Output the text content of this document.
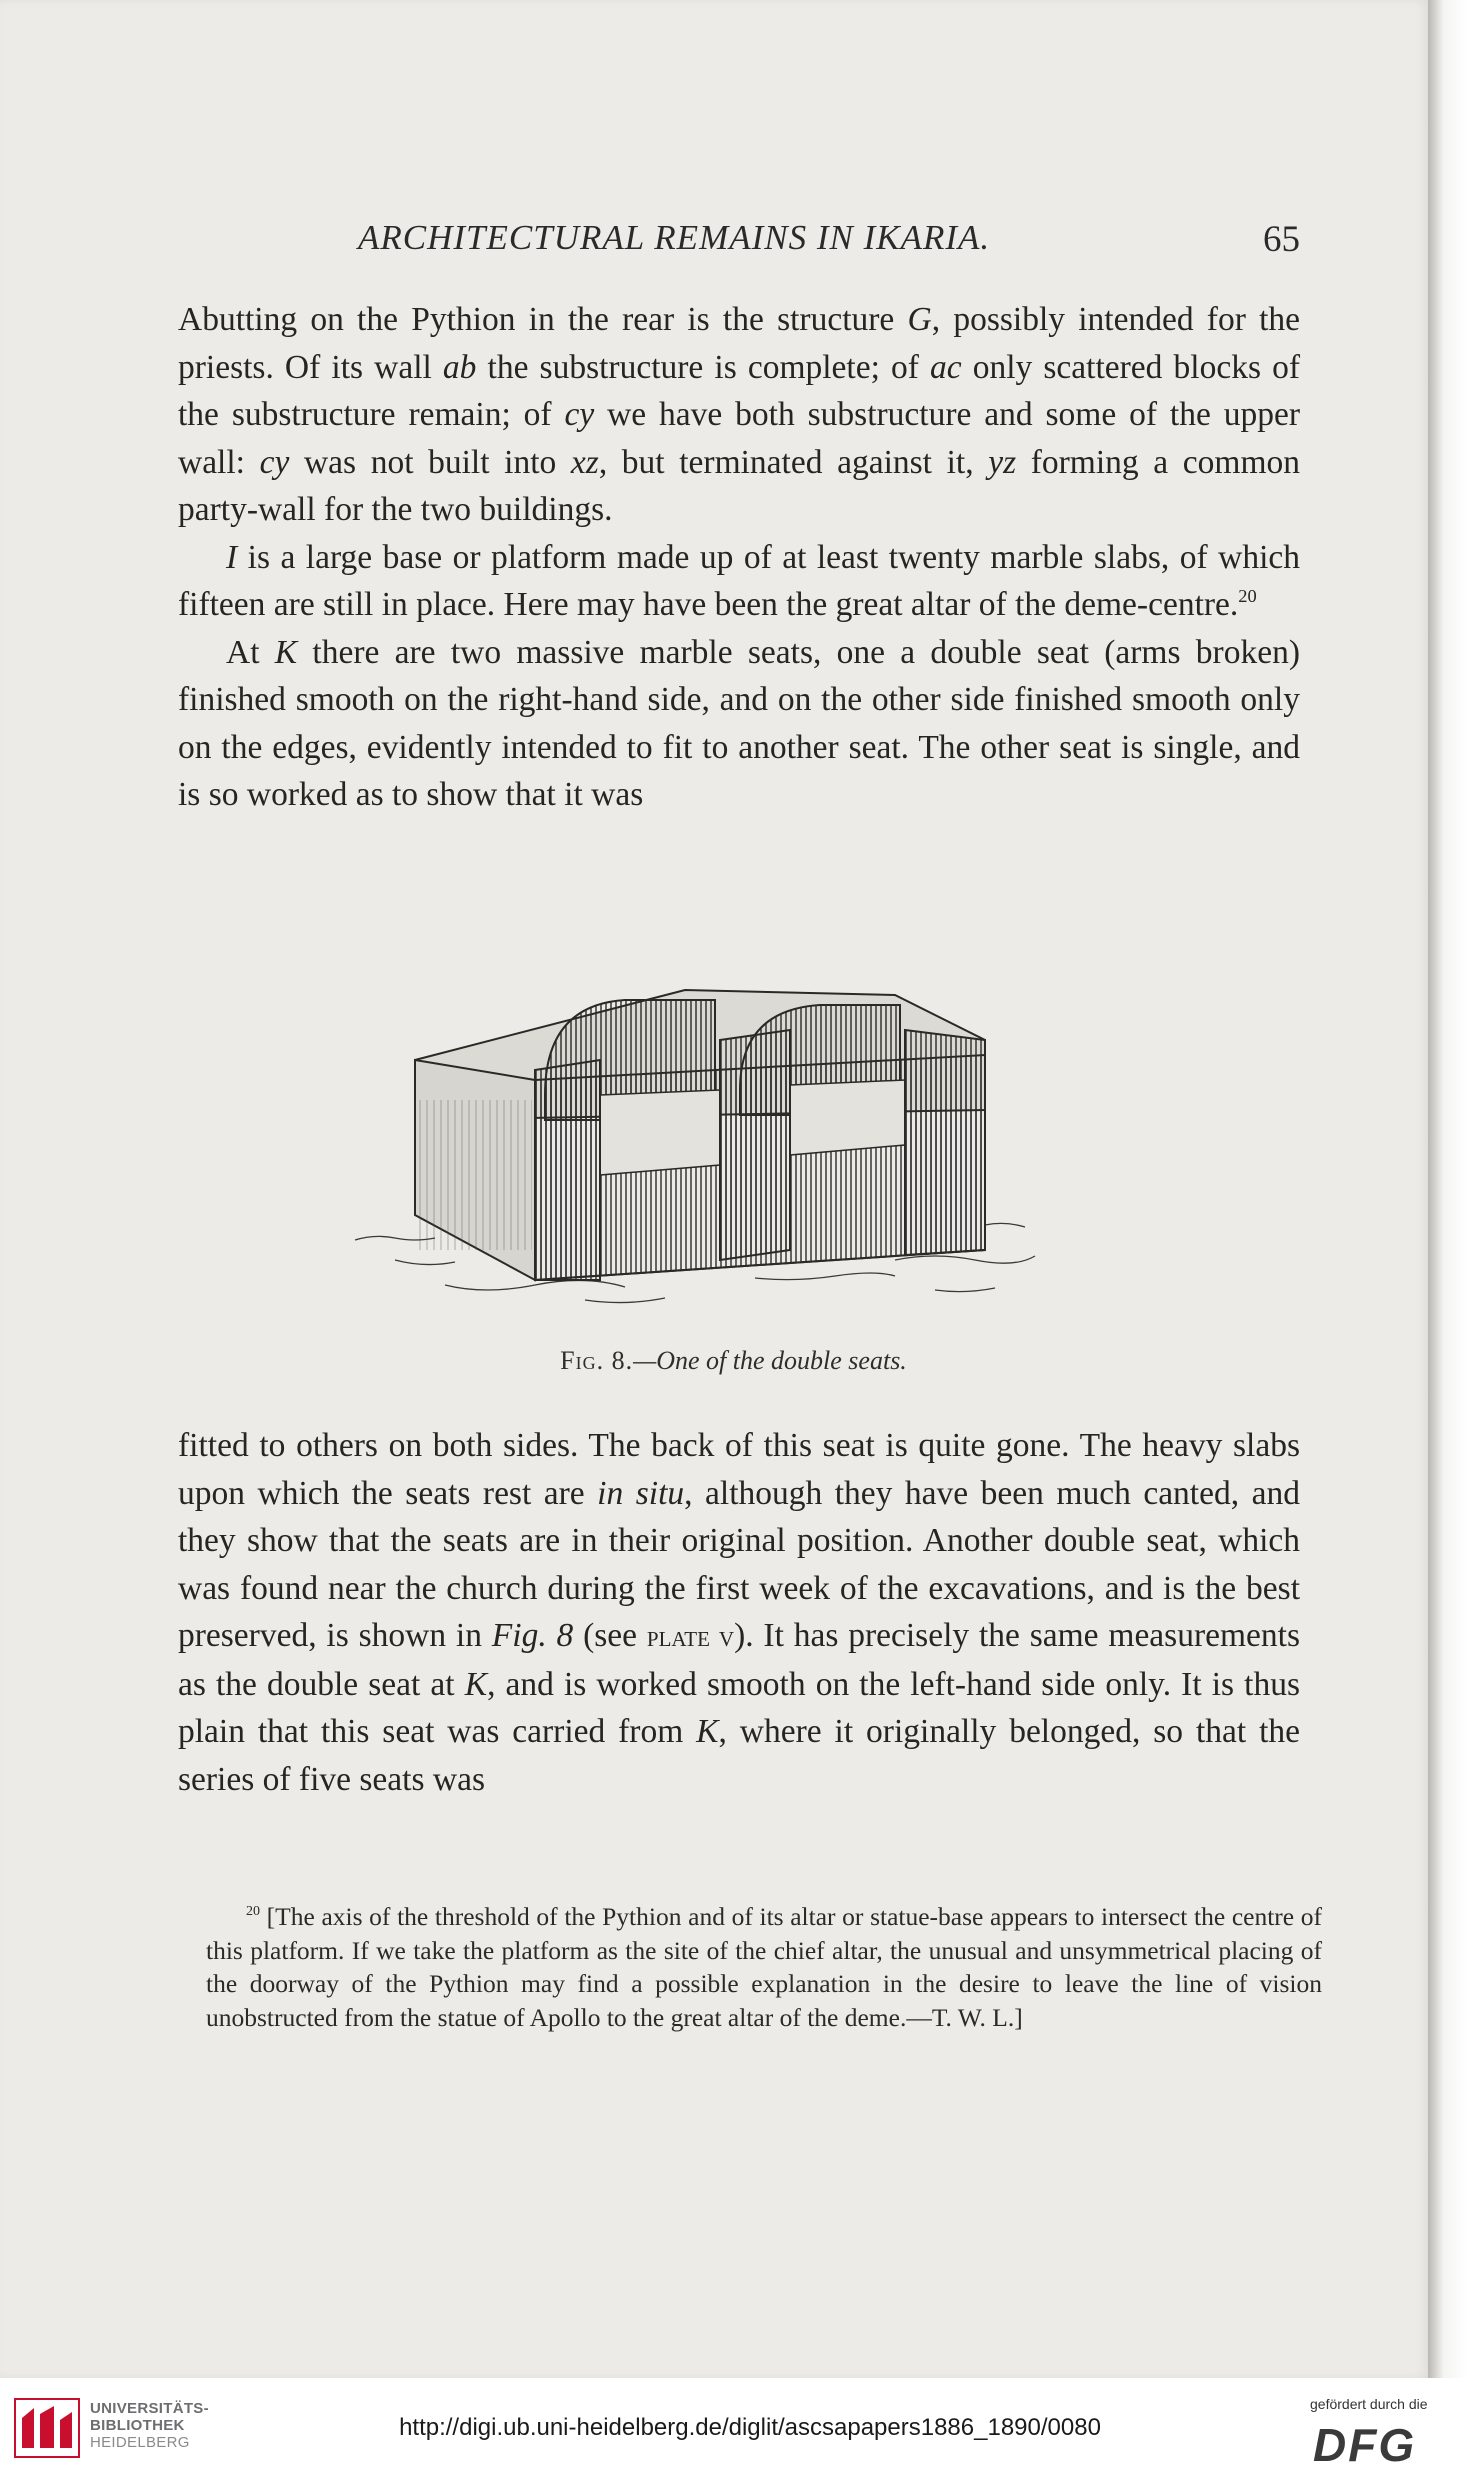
ARCHITECTURAL REMAINS IN IKARIA.	65

Abutting on the Pythion in the rear is the structure G, possibly intended for the priests. Of its wall ab the substructure is complete; of ac only scattered blocks of the substructure remain; of cy we have both substructure and some of the upper wall: cy was not built into xz, but terminated against it, yz forming a common party-wall for the two buildings.

I is a large base or platform made up of at least twenty marble slabs, of which fifteen are still in place. Here may have been the great altar of the deme-centre.$^{20}$

At K there are two massive marble seats, one a double seat (arms broken) finished smooth on the right-hand side, and on the other side finished smooth only on the edges, evidently intended to fit to another seat. The other seat is single, and is so worked as to show that it was

Fig. 8.—One of the double seats.

fitted to others on both sides. The back of this seat is quite gone. The heavy slabs upon which the seats rest are in situ, although they have been much canted, and they show that the seats are in their original position. Another double seat, which was found near the church during the first week of the excavations, and is the best preserved, is shown in Fig. 8 (see plate v). It has precisely the same measurements as the double seat at K, and is worked smooth on the left-hand side only. It is thus plain that this seat was carried from K, where it originally belonged, so that the series of five seats was

$^{20}$ [The axis of the threshold of the Pythion and of its altar or statue-base appears to intersect the centre of this platform. If we take the platform as the site of the chief altar, the unusual and unsymmetrical placing of the doorway of the Pythion may find a possible explanation in the desire to leave the line of vision unobstructed from the statue of Apollo to the great altar of the deme.—T. W. L.]

UNIVERSITÄTS-
BIBLIOTHEK
HEIDELBERG
http://digi.ub.uni-heidelberg.de/diglit/ascsapapers1886_1890/0080
gefördert durch die
DFG
